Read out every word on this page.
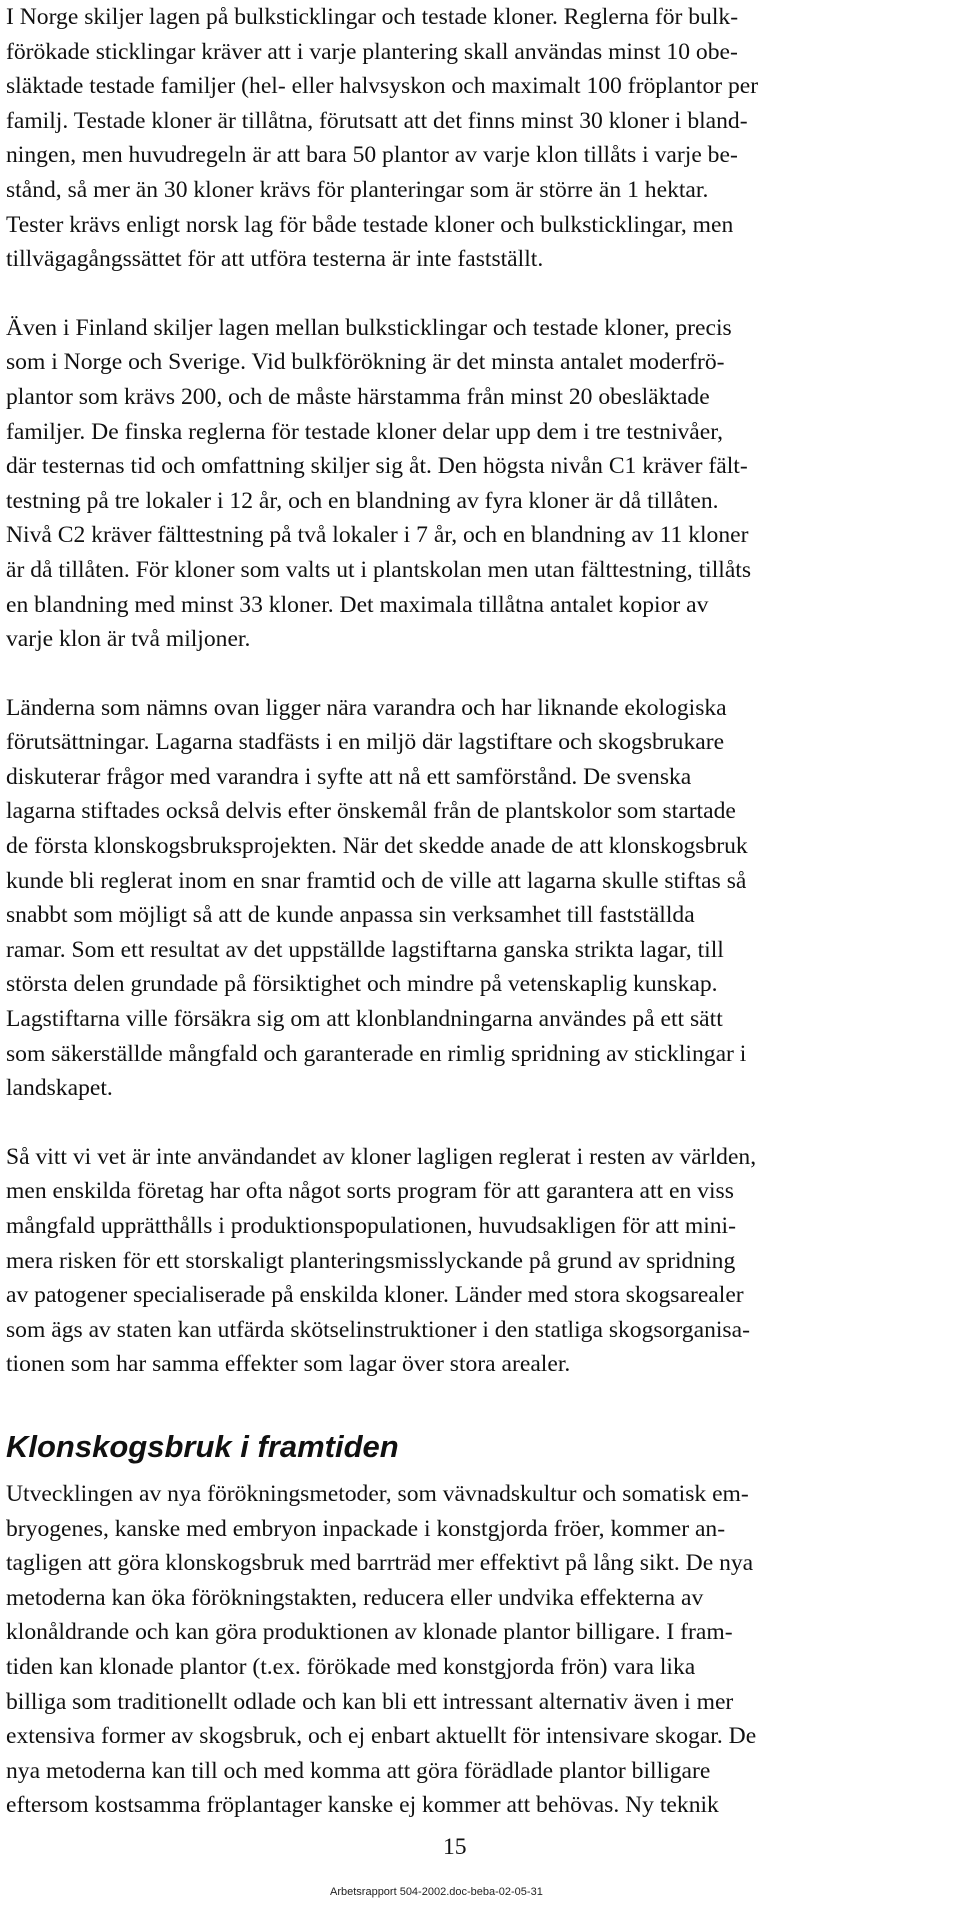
I Norge skiljer lagen på bulksticklingar och testade kloner. Reglerna för bulk-
förökade sticklingar kräver att i varje plantering skall användas minst 10 obe-
släktade testade familjer (hel- eller halvsyskon och maximalt 100 fröplantor per
familj. Testade kloner är tillåtna, förutsatt att det finns minst 30 kloner i bland-
ningen, men huvudregeln är att bara 50 plantor av varje klon tillåts i varje be-
stånd, så mer än 30 kloner krävs för planteringar som är större än 1 hektar.
Tester krävs enligt norsk lag för både testade kloner och bulksticklingar, men
tillvägagångssättet för att utföra testerna är inte fastställt.

Även i Finland skiljer lagen mellan bulksticklingar och testade kloner, precis
som i Norge och Sverige. Vid bulkförökning är det minsta antalet moderfrö-
plantor som krävs 200, och de måste härstamma från minst 20 obesläktade
familjer. De finska reglerna för testade kloner delar upp dem i tre testnivåer,
där testernas tid och omfattning skiljer sig åt. Den högsta nivån C1 kräver fält-
testning på tre lokaler i 12 år, och en blandning av fyra kloner är då tillåten.
Nivå C2 kräver fälttestning på två lokaler i 7 år, och en blandning av 11 kloner
är då tillåten. För kloner som valts ut i plantskolan men utan fälttestning, tillåts
en blandning med minst 33 kloner. Det maximala tillåtna antalet kopior av
varje klon är två miljoner.

Länderna som nämns ovan ligger nära varandra och har liknande ekologiska
förutsättningar. Lagarna stadfästs i en miljö där lagstiftare och skogsbrukare
diskuterar frågor med varandra i syfte att nå ett samförstånd. De svenska
lagarna stiftades också delvis efter önskemål från de plantskolor som startade
de första klonskogsbruksprojekten. När det skedde anade de att klonskogsbruk
kunde bli reglerat inom en snar framtid och de ville att lagarna skulle stiftas så
snabbt som möjligt så att de kunde anpassa sin verksamhet till fastställda
ramar. Som ett resultat av det uppställde lagstiftarna ganska strikta lagar, till
största delen grundade på försiktighet och mindre på vetenskaplig kunskap.
Lagstiftarna ville försäkra sig om att klonblandningarna användes på ett sätt
som säkerställde mångfald och garanterade en rimlig spridning av sticklingar i
landskapet.

Så vitt vi vet är inte användandet av kloner lagligen reglerat i resten av världen,
men enskilda företag har ofta något sorts program för att garantera att en viss
mångfald upprätthålls i produktionspopulationen, huvudsakligen för att mini-
mera risken för ett storskaligt planteringsmisslyckande på grund av spridning
av patogener specialiserade på enskilda kloner. Länder med stora skogsarealer
som ägs av staten kan utfärda skötselinstruktioner i den statliga skogsorganisa-
tionen som har samma effekter som lagar över stora arealer.

Klonskogsbruk i framtiden

Utvecklingen av nya förökningsmetoder, som vävnadskultur och somatisk em-
bryogenes, kanske med embryon inpackade i konstgjorda fröer, kommer an-
tagligen att göra klonskogsbruk med barrträd mer effektivt på lång sikt. De nya
metoderna kan öka förökningstakten, reducera eller undvika effekterna av
klonåldrande och kan göra produktionen av klonade plantor billigare. I fram-
tiden kan klonade plantor (t.ex. förökade med konstgjorda frön) vara lika
billiga som traditionellt odlade och kan bli ett intressant alternativ även i mer
extensiva former av skogsbruk, och ej enbart aktuellt för intensivare skogar. De
nya metoderna kan till och med komma att göra förädlade plantor billigare
eftersom kostsamma fröplantager kanske ej kommer att behövas. Ny teknik

15
Arbetsrapport 504-2002.doc-beba-02-05-31
